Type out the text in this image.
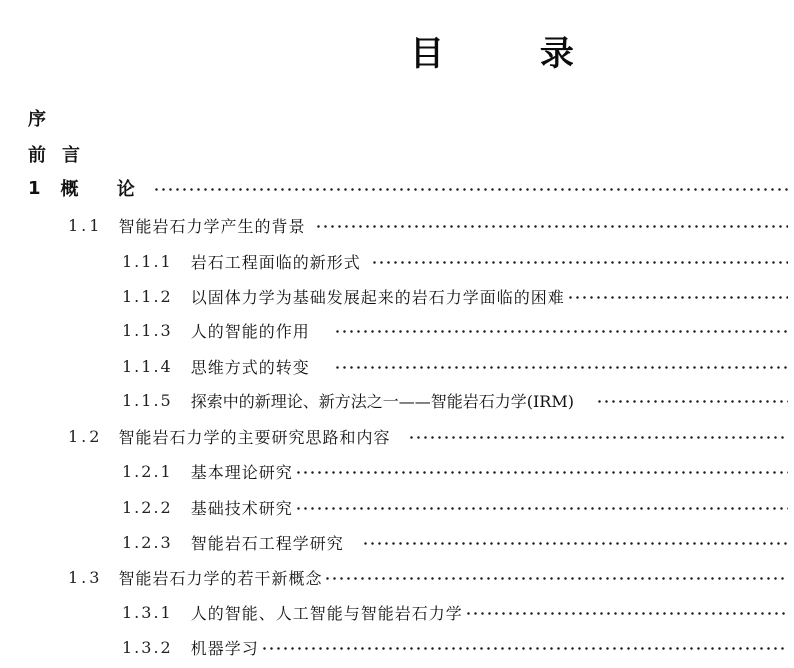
目 录
序
前言
1 概 论
1.1 智能岩石力学产生的背景
1.1.1 岩石工程面临的新形式
1.1.2 以固体力学为基础发展起来的岩石力学面临的困难
1.1.3 人的智能的作用
1.1.4 思维方式的转变
1.1.5 探索中的新理论、新方法之一——智能岩石力学(IRM)
1.2 智能岩石力学的主要研究思路和内容
1.2.1 基本理论研究
1.2.2 基础技术研究
1.2.3 智能岩石工程学研究
1.3 智能岩石力学的若干新概念
1.3.1 人的智能、人工智能与智能岩石力学
1.3.2 机器学习
